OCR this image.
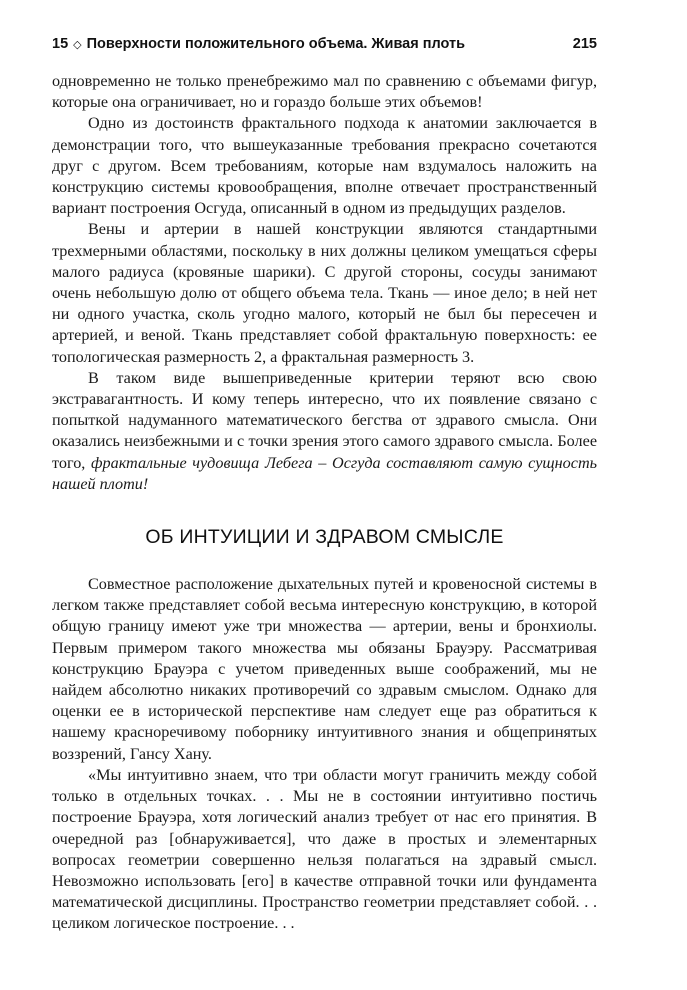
15 ◇ Поверхности положительного объема. Живая плоть	215

одновременно не только пренебрежимо мал по сравнению с объемами фигур, которые она ограничивает, но и гораздо больше этих объемов!

Одно из достоинств фрактального подхода к анатомии заключается в демонстрации того, что вышеуказанные требования прекрасно сочетаются друг с другом. Всем требованиям, которые нам вздумалось наложить на конструкцию системы кровообращения, вполне отвечает пространственный вариант построения Осгуда, описанный в одном из предыдущих разделов.

Вены и артерии в нашей конструкции являются стандартными трехмерными областями, поскольку в них должны целиком умещаться сферы малого радиуса (кровяные шарики). С другой стороны, сосуды занимают очень небольшую долю от общего объема тела. Ткань — иное дело; в ней нет ни одного участка, сколь угодно малого, который не был бы пересечен и артерией, и веной. Ткань представляет собой фрактальную поверхность: ее топологическая размерность 2, а фрактальная размерность 3.

В таком виде вышеприведенные критерии теряют всю свою экстравагантность. И кому теперь интересно, что их появление связано с попыткой надуманного математического бегства от здравого смысла. Они оказались неизбежными и с точки зрения этого самого здравого смысла. Более того, фрактальные чудовища Лебега – Осгуда составляют самую сущность нашей плоти!

ОБ ИНТУИЦИИ И ЗДРАВОМ СМЫСЛЕ

Совместное расположение дыхательных путей и кровеносной системы в легком также представляет собой весьма интересную конструкцию, в которой общую границу имеют уже три множества — артерии, вены и бронхиолы. Первым примером такого множества мы обязаны Брауэру. Рассматривая конструкцию Брауэра с учетом приведенных выше соображений, мы не найдем абсолютно никаких противоречий со здравым смыслом. Однако для оценки ее в исторической перспективе нам следует еще раз обратиться к нашему красноречивому поборнику интуитивного знания и общепринятых воззрений, Гансу Хану.

«Мы интуитивно знаем, что три области могут граничить между собой только в отдельных точках. . . Мы не в состоянии интуитивно постичь построение Брауэра, хотя логический анализ требует от нас его принятия. В очередной раз [обнаруживается], что даже в простых и элементарных вопросах геометрии совершенно нельзя полагаться на здравый смысл. Невозможно использовать [его] в качестве отправной точки или фундамента математической дисциплины. Пространство геометрии представляет собой. . . целиком логическое построение. . .
